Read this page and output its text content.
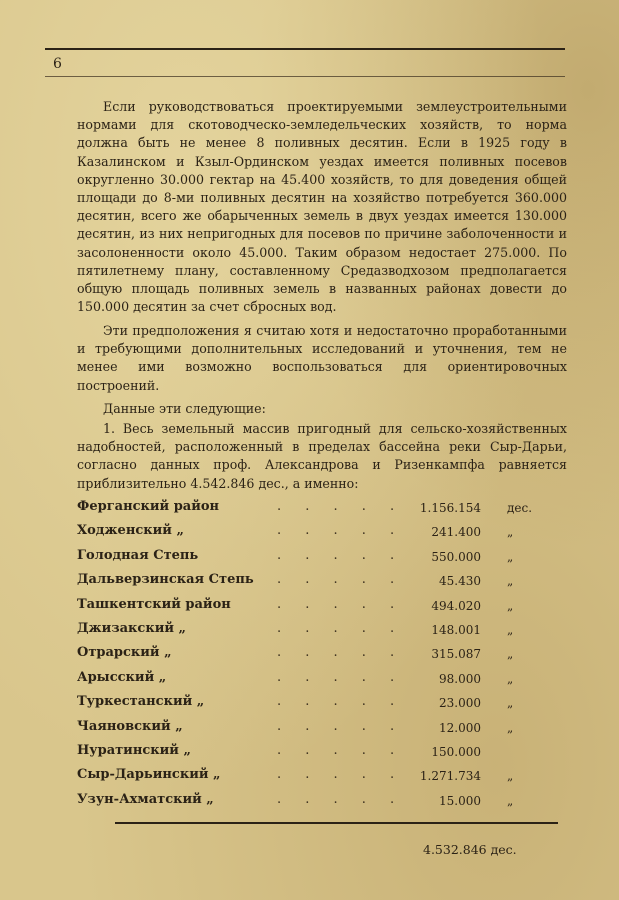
6

Если руководствоваться проектируемыми землеустроительными нормами для скотоводческо-земледельческих хозяйств, то норма должна быть не менее 8 поливных десятин. Если в 1925 году в Казалинском и Кзыл-Ординском уездах имеется поливных посевов округленно 30.000 гектар на 45.400 хозяйств, то для доведения общей площади до 8-ми поливных десятин на хозяйство потребуется 360.000 десятин, всего же обарыченных земель в двух уездах имеется 130.000 десятин, из них непригодных для посевов по причине заболоченности и засолоненности около 45.000. Таким образом недостает 275.000. По пятилетнему плану, составленному Средазводхозом предполагается общую площадь поливных земель в названных районах довести до 150.000 десятин за счет сбросных вод.

Эти предположения я считаю хотя и недостаточно проработанными и требующими дополнительных исследований и уточнения, тем не менее ими возможно воспользоваться для ориентировочных построений.

Данные эти следующие:

1. Весь земельный массив пригодный для сельско-хозяйственных надобностей, расположенный в пределах бассейна реки Сыр-Дарьи, согласно данных проф. Александрова и Ризенкампфа равняется приблизительно 4.542.846 дес., а именно:

Ферганский район	. . . . . 1.156.154 дес.
Ходженский „	. . . . . 241.400 „
Голодная Степь	. . . . . 550.000 „
Дальверзинская Степь . . . . .	45.430 „
Ташкентский район	. . . . . 494.020 „
Джизакский „	. . . . . 148.001 „
Отрарский „	. . . . . 315.087 „
Арысский „	. . . . .	98.000 „
Туркестанский „	. . . . .	23.000 „
Чаяновский „	. . . . .	12.000 „
Нуратинский „	. . . . . 150.000
Сыр-Дарьинский „	. . . . . 1.271.734 „
Узун-Ахматский „	. . . . .	15.000 „
4.532.846 дес.
